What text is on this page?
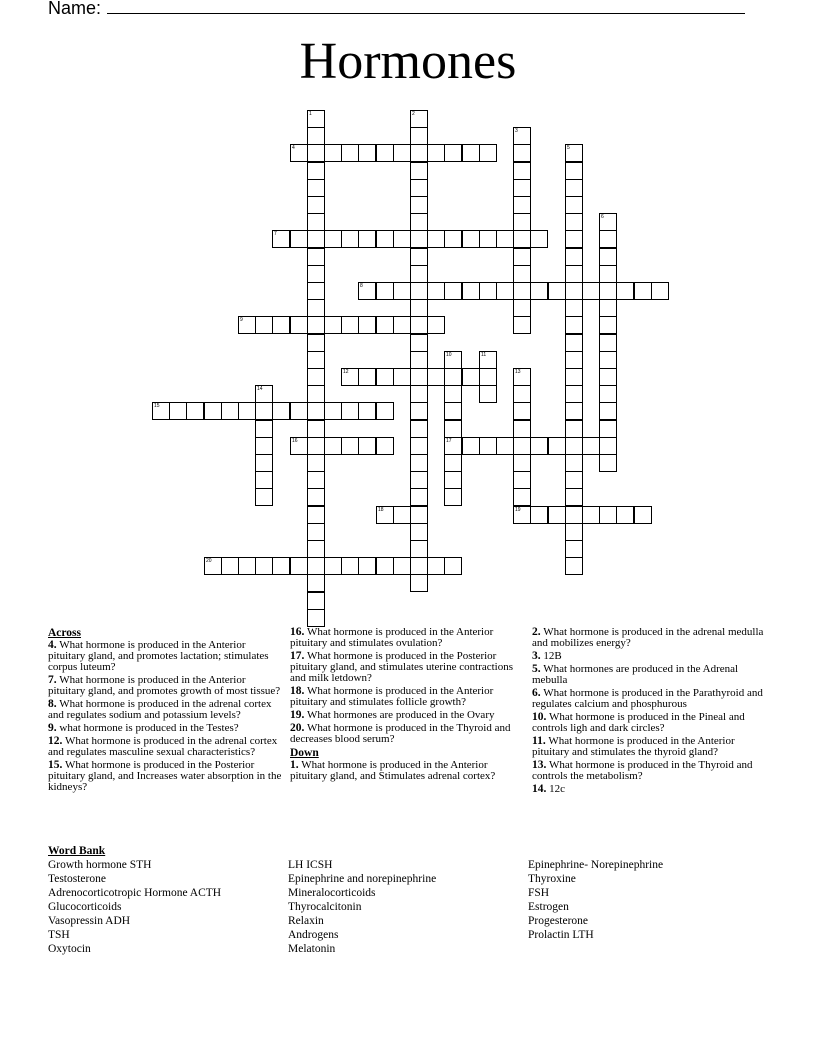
Name:
Hormones
1	2
3
4	5
6
7
8
9
10
17
11
12	13
14
15
16
18	19
20
Across
4. What hormone is produced in the Anterior pituitary gland, and promotes lactation; stimulates corpus luteum?
7. What hormone is produced in the Anterior pituitary gland, and promotes growth of most tissue?
8. What hormone is produced in the adrenal cortex and regulates sodium and potassium levels?
9. what hormone is produced in the Testes?
12. What hormone is produced in the adrenal cortex and regulates masculine sexual characteristics?
15. What hormone is produced in the Posterior pituitary gland, and Increases water absorption in the kidneys?
16. What hormone is produced in the Anterior pituitary and stimulates ovulation?
17. What hormone is produced in the Posterior pituitary gland, and stimulates uterine contractions and milk letdown?
18. What hormone is produced in the Anterior pituitary and stimulates follicle growth?
19. What hormones are produced in the Ovary
20. What hormone is produced in the Thyroid and decreases blood serum?
Down
1. What hormone is produced in the Anterior pituitary gland, and Stimulates adrenal cortex?
2. What hormone is produced in the adrenal medulla and mobilizes energy?
3. 12B
5. What hormones are produced in the Adrenal mebulla
6. What hormone is produced in the Parathyroid and regulates calcium and phosphurous
10. What hormone is produced in the Pineal and controls ligh and dark circles?
11. What hormone is produced in the Anterior pituitary and stimulates the thyroid gland?
13. What hormone is produced in the Thyroid and controls the metabolism?
14. 12c
Word Bank
Growth hormone STH
Testosterone
Adrenocorticotropic Hormone ACTH
Glucocorticoids
Vasopressin ADH
TSH
Oxytocin
LH ICSH
Epinephrine and norepinephrine
Mineralocorticoids
Thyrocalcitonin
Relaxin
Androgens
Melatonin
Epinephrine- Norepinephrine
Thyroxine
FSH
Estrogen
Progesterone
Prolactin LTH
